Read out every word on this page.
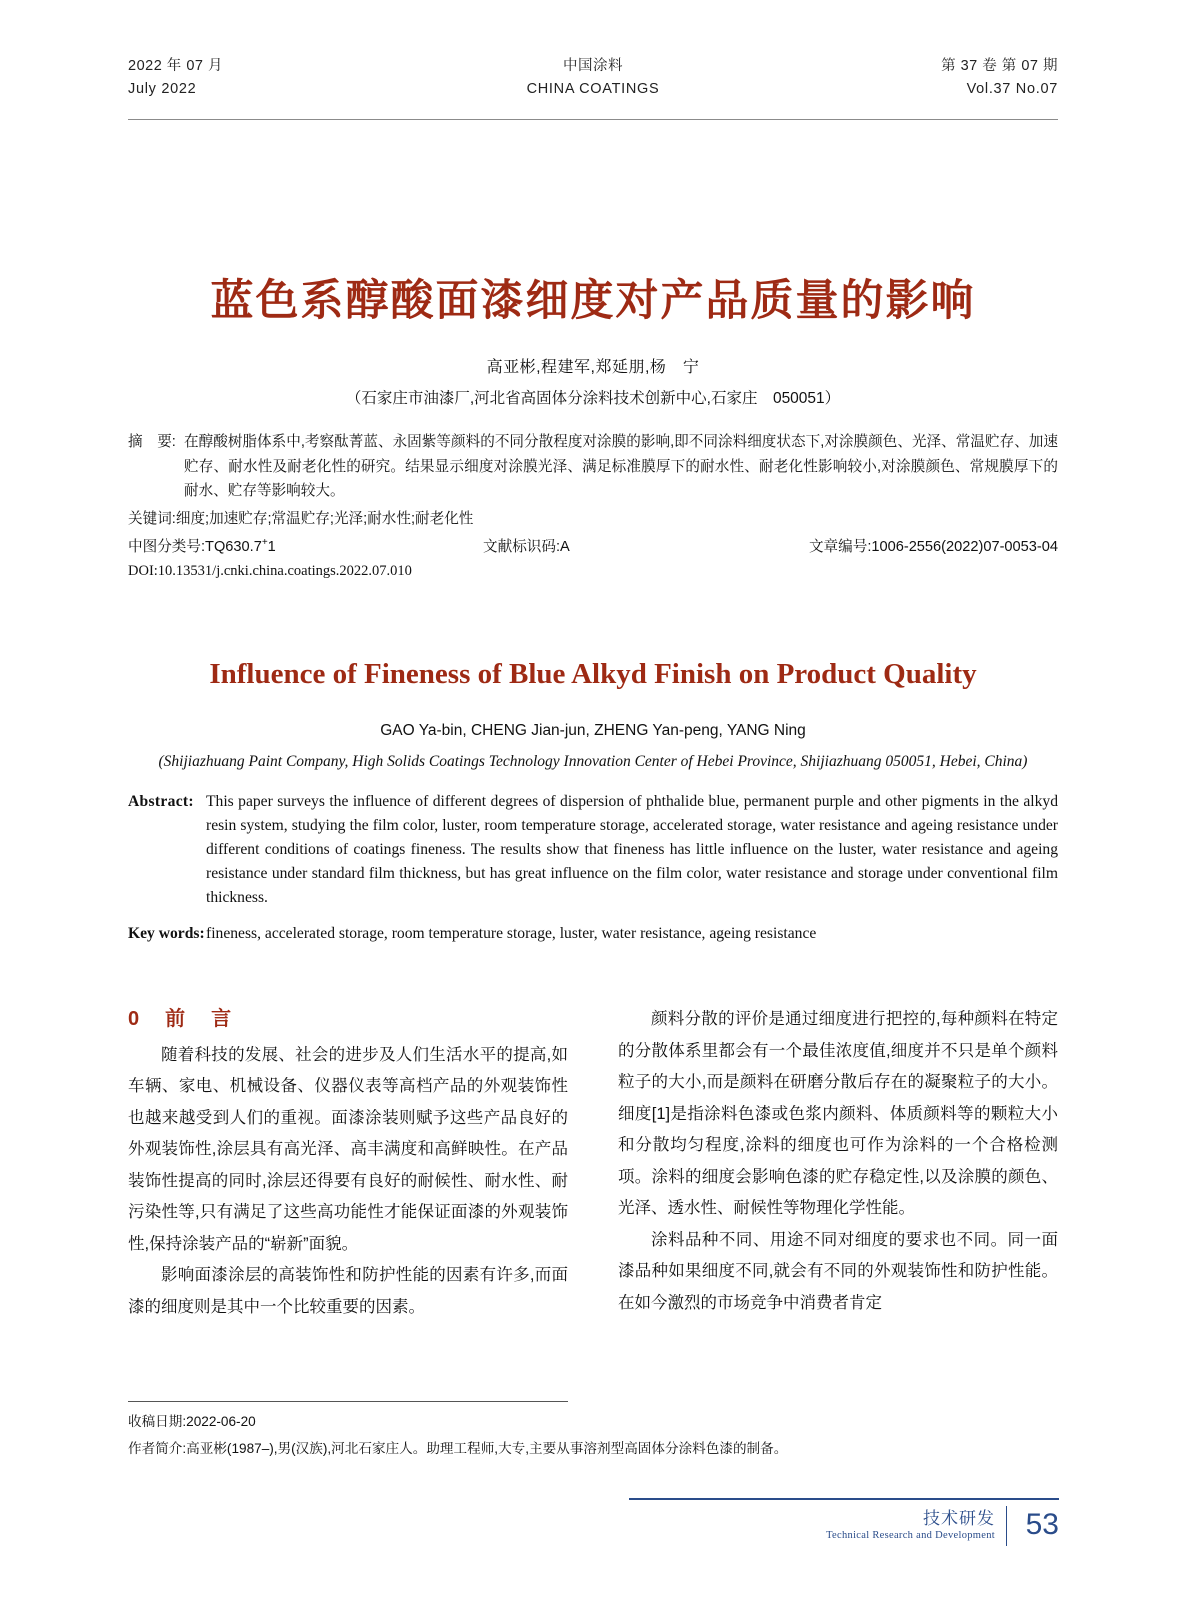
2022 年 07 月
July 2022
中国涂料
CHINA COATINGS
第 37 卷 第 07 期
Vol.37 No.07
蓝色系醇酸面漆细度对产品质量的影响
高亚彬,程建军,郑延朋,杨　宁
（石家庄市油漆厂,河北省高固体分涂料技术创新中心,石家庄　050051）
摘　要: 在醇酸树脂体系中,考察酞菁蓝、永固紫等颜料的不同分散程度对涂膜的影响,即不同涂料细度状态下,对涂膜颜色、光泽、常温贮存、加速贮存、耐水性及耐老化性的研究。结果显示细度对涂膜光泽、满足标准膜厚下的耐水性、耐老化性影响较小,对涂膜颜色、常规膜厚下的耐水、贮存等影响较大。
关键词:细度;加速贮存;常温贮存;光泽;耐水性;耐老化性
中图分类号:TQ630.7+1	文献标识码:A	文章编号:1006-2556(2022)07-0053-04
DOI:10.13531/j.cnki.china.coatings.2022.07.010
Influence of Fineness of Blue Alkyd Finish on Product Quality
GAO Ya-bin, CHENG Jian-jun, ZHENG Yan-peng, YANG Ning
(Shijiazhuang Paint Company, High Solids Coatings Technology Innovation Center of Hebei Province, Shijiazhuang 050051, Hebei, China)
Abstract: This paper surveys the influence of different degrees of dispersion of phthalide blue, permanent purple and other pigments in the alkyd resin system, studying the film color, luster, room temperature storage, accelerated storage, water resistance and ageing resistance under different conditions of coatings fineness. The results show that fineness has little influence on the luster, water resistance and ageing resistance under standard film thickness, but has great influence on the film color, water resistance and storage under conventional film thickness.
Key words: fineness, accelerated storage, room temperature storage, luster, water resistance, ageing resistance
0　前　言

随着科技的发展、社会的进步及人们生活水平的提高,如车辆、家电、机械设备、仪器仪表等高档产品的外观装饰性也越来越受到人们的重视。面漆涂装则赋予这些产品良好的外观装饰性,涂层具有高光泽、高丰满度和高鲜映性。在产品装饰性提高的同时,涂层还得要有良好的耐候性、耐水性、耐污染性等,只有满足了这些高功能性才能保证面漆的外观装饰性,保持涂装产品的“崭新”面貌。

影响面漆涂层的高装饰性和防护性能的因素有许多,而面漆的细度则是其中一个比较重要的因素。

颜料分散的评价是通过细度进行把控的,每种颜料在特定的分散体系里都会有一个最佳浓度值,细度并不只是单个颜料粒子的大小,而是颜料在研磨分散后存在的凝聚粒子的大小。细度[1]是指涂料色漆或色浆内颜料、体质颜料等的颗粒大小和分散均匀程度,涂料的细度也可作为涂料的一个合格检测项。涂料的细度会影响色漆的贮存稳定性,以及涂膜的颜色、光泽、透水性、耐候性等物理化学性能。

涂料品种不同、用途不同对细度的要求也不同。同一面漆品种如果细度不同,就会有不同的外观装饰性和防护性能。在如今激烈的市场竞争中消费者肯定

收稿日期:2022-06-20
作者简介:高亚彬(1987–),男(汉族),河北石家庄人。助理工程师,大专,主要从事溶剂型高固体分涂料色漆的制备。
技术研发
Technical Research and Development 53
